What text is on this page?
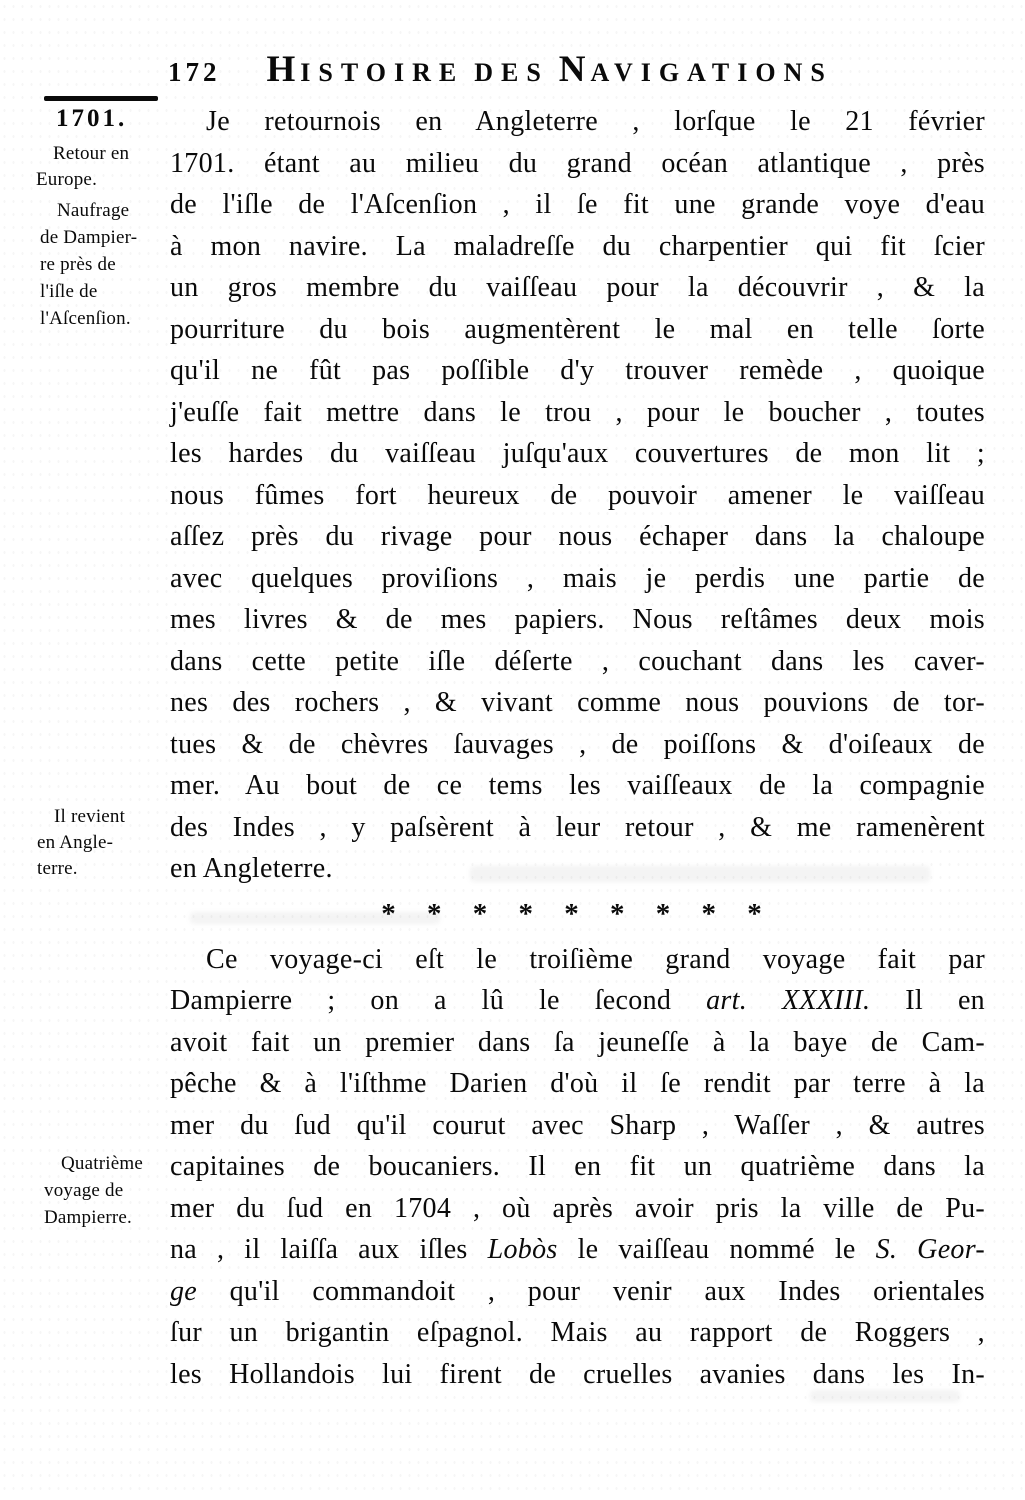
172 H ISTOIRE DES N AVIGATIONS
1701.
Retour en
Europe.
Naufrage
de Dampier-
re près de
l'iſle de
l'Aſcenſion.
Il revient
en Angle-
terre.
Quatrième
voyage de
Dampierre.
Je retournois en Angleterre , lorſque le 21 février
1701. étant au milieu du grand océan atlantique , près
de l'iſle de l'Aſcenſion , il ſe fit une grande voye d'eau
à mon navire. La maladreſſe du charpentier qui fit ſcier
un gros membre du vaiſſeau pour la découvrir , & la
pourriture du bois augmentèrent le mal en telle ſorte
qu'il ne fût pas poſſible d'y trouver remède , quoique
j'euſſe fait mettre dans le trou , pour le boucher , toutes
les hardes du vaiſſeau juſqu'aux couvertures de mon lit ;
nous fûmes fort heureux de pouvoir amener le vaiſſeau
aſſez près du rivage pour nous échaper dans la chaloupe
avec quelques proviſions , mais je perdis une partie de
mes livres & de mes papiers. Nous reſtâmes deux mois
dans cette petite iſle déſerte , couchant dans les caver-
nes des rochers , & vivant comme nous pouvions de tor-
tues & de chèvres ſauvages , de poiſſons & d'oiſeaux de
mer. Au bout de ce tems les vaiſſeaux de la compagnie
des Indes , y paſsèrent à leur retour , & me ramenèrent
en Angleterre.
* * * * * * * * *
Ce voyage-ci eſt le troiſième grand voyage fait par
Dampierre ; on a lû le ſecond art. XXXIII. Il en
avoit fait un premier dans ſa jeuneſſe à la baye de Cam-
pêche & à l'iſthme Darien d'où il ſe rendit par terre à la
mer du ſud qu'il courut avec Sharp , Waſſer , & autres
capitaines de boucaniers. Il en fit un quatrième dans la
mer du ſud en 1704 , où après avoir pris la ville de Pu-
na , il laiſſa aux iſles Lobòs le vaiſſeau nommé le S. Geor-
ge qu'il commandoit , pour venir aux Indes orientales
ſur un brigantin eſpagnol. Mais au rapport de Roggers ,
les Hollandois lui firent de cruelles avanies dans les In-
